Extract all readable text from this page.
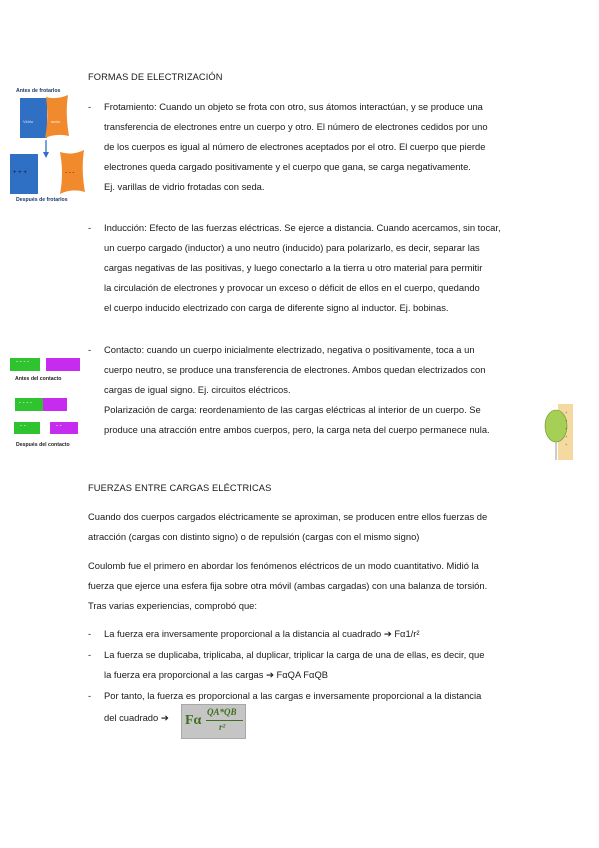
FORMAS DE ELECTRIZACIÓN
Antes de frotarlos
Vidrio	seda
+ + +	- - -
Después de frotarlos
- Frotamiento: Cuando un objeto se frota con otro, sus átomos interactúan, y se produce una
transferencia de electrones entre un cuerpo y otro. El número de electrones cedidos por uno
de los cuerpos es igual al número de electrones aceptados por el otro. El cuerpo que pierde
electrones queda cargado positivamente y el cuerpo que gana, se carga negativamente.
Ej. varillas de vidrio frotadas con seda.
- Inducción: Efecto de las fuerzas eléctricas. Se ejerce a distancia. Cuando acercamos, sin tocar,
un cuerpo cargado (inductor) a uno neutro (inducido) para polarizarlo, es decir, separar las
cargas negativas de las positivas, y luego conectarlo a la tierra u otro material para permitir
la circulación de electrones y provocar un exceso o déficit de ellos en el cuerpo, quedando
el cuerpo inducido electrizado con carga de diferente signo al inductor. Ej. bobinas.
- - - -
Antes del contacto
- - - -
- -	- -
Después del contacto
- Contacto: cuando un cuerpo inicialmente electrizado, negativa o positivamente, toca a un
cuerpo neutro, se produce una transferencia de electrones. Ambos quedan electrizados con
cargas de igual signo. Ej. circuitos eléctricos.
Polarización de carga: reordenamiento de las cargas eléctricas al interior de un cuerpo. Se
produce una atracción entre ambos cuerpos, pero, la carga neta del cuerpo permanece nula.
+
+
+
+
+
FUERZAS ENTRE CARGAS ELÉCTRICAS
Cuando dos cuerpos cargados eléctricamente se aproximan, se producen entre ellos fuerzas de
atracción (cargas con distinto signo) o de repulsión (cargas con el mismo signo)
Coulomb fue el primero en abordar los fenómenos eléctricos de un modo cuantitativo. Midió la
fuerza que ejerce una esfera fija sobre otra móvil (ambas cargadas) con una balanza de torsión.
Tras varias experiencias, comprobó que:
- La fuerza era inversamente proporcional a la distancia al cuadrado ➔ Fα1/r²
- La fuerza se duplicaba, triplicaba, al duplicar, triplicar la carga de una de ellas, es decir, que
la fuerza era proporcional a las cargas ➔ FαQA FαQB
- Por tanto, la fuerza es proporcional a las cargas e inversamente proporcional a la distancia
del cuadrado ➔ Fα
QA*QB
r²
